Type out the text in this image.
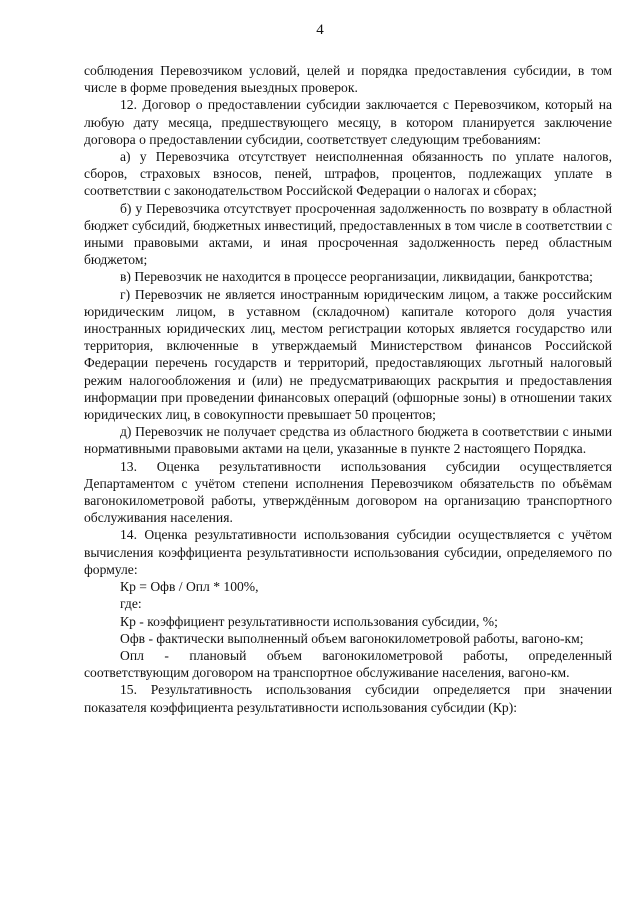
4

соблюдения Перевозчиком условий, целей и порядка предоставления субсидии, в том числе в форме проведения выездных проверок.

12. Договор о предоставлении субсидии заключается с Перевозчиком, который на любую дату месяца, предшествующего месяцу, в котором планируется заключение договора о предоставлении субсидии, соответствует следующим требованиям:

а) у Перевозчика отсутствует неисполненная обязанность по уплате налогов, сборов, страховых взносов, пеней, штрафов, процентов, подлежащих уплате в соответствии с законодательством Российской Федерации о налогах и сборах;

б) у Перевозчика отсутствует просроченная задолженность по возврату в областной бюджет субсидий, бюджетных инвестиций, предоставленных в том числе в соответствии с иными правовыми актами, и иная просроченная задолженность перед областным бюджетом;

в) Перевозчик не находится в процессе реорганизации, ликвидации, банкротства;

г) Перевозчик не является иностранным юридическим лицом, а также российским юридическим лицом, в уставном (складочном) капитале которого доля участия иностранных юридических лиц, местом регистрации которых является государство или территория, включенные в утверждаемый Министерством финансов Российской Федерации перечень государств и территорий, предоставляющих льготный налоговый режим налогообложения и (или) не предусматривающих раскрытия и предоставления информации при проведении финансовых операций (офшорные зоны) в отношении таких юридических лиц, в совокупности превышает 50 процентов;

д) Перевозчик не получает средства из областного бюджета в соответствии с иными нормативными правовыми актами на цели, указанные в пункте 2 настоящего Порядка.

13. Оценка результативности использования субсидии осуществляется Департаментом с учётом степени исполнения Перевозчиком обязательств по объёмам вагонокилометровой работы, утверждённым договором на организацию транспортного обслуживания населения.

14. Оценка результативности использования субсидии осуществляется с учётом вычисления коэффициента результативности использования субсидии, определяемого по формуле:

Кр = Офв / Опл * 100%,

где:

Кр - коэффициент результативности использования субсидии, %;

Офв - фактически выполненный объем вагонокилометровой работы, вагоно-км;

Опл - плановый объем вагонокилометровой работы, определенный соответствующим договором на транспортное обслуживание населения, вагоно-км.

15. Результативность использования субсидии определяется при значении показателя коэффициента результативности использования субсидии (Кр):
